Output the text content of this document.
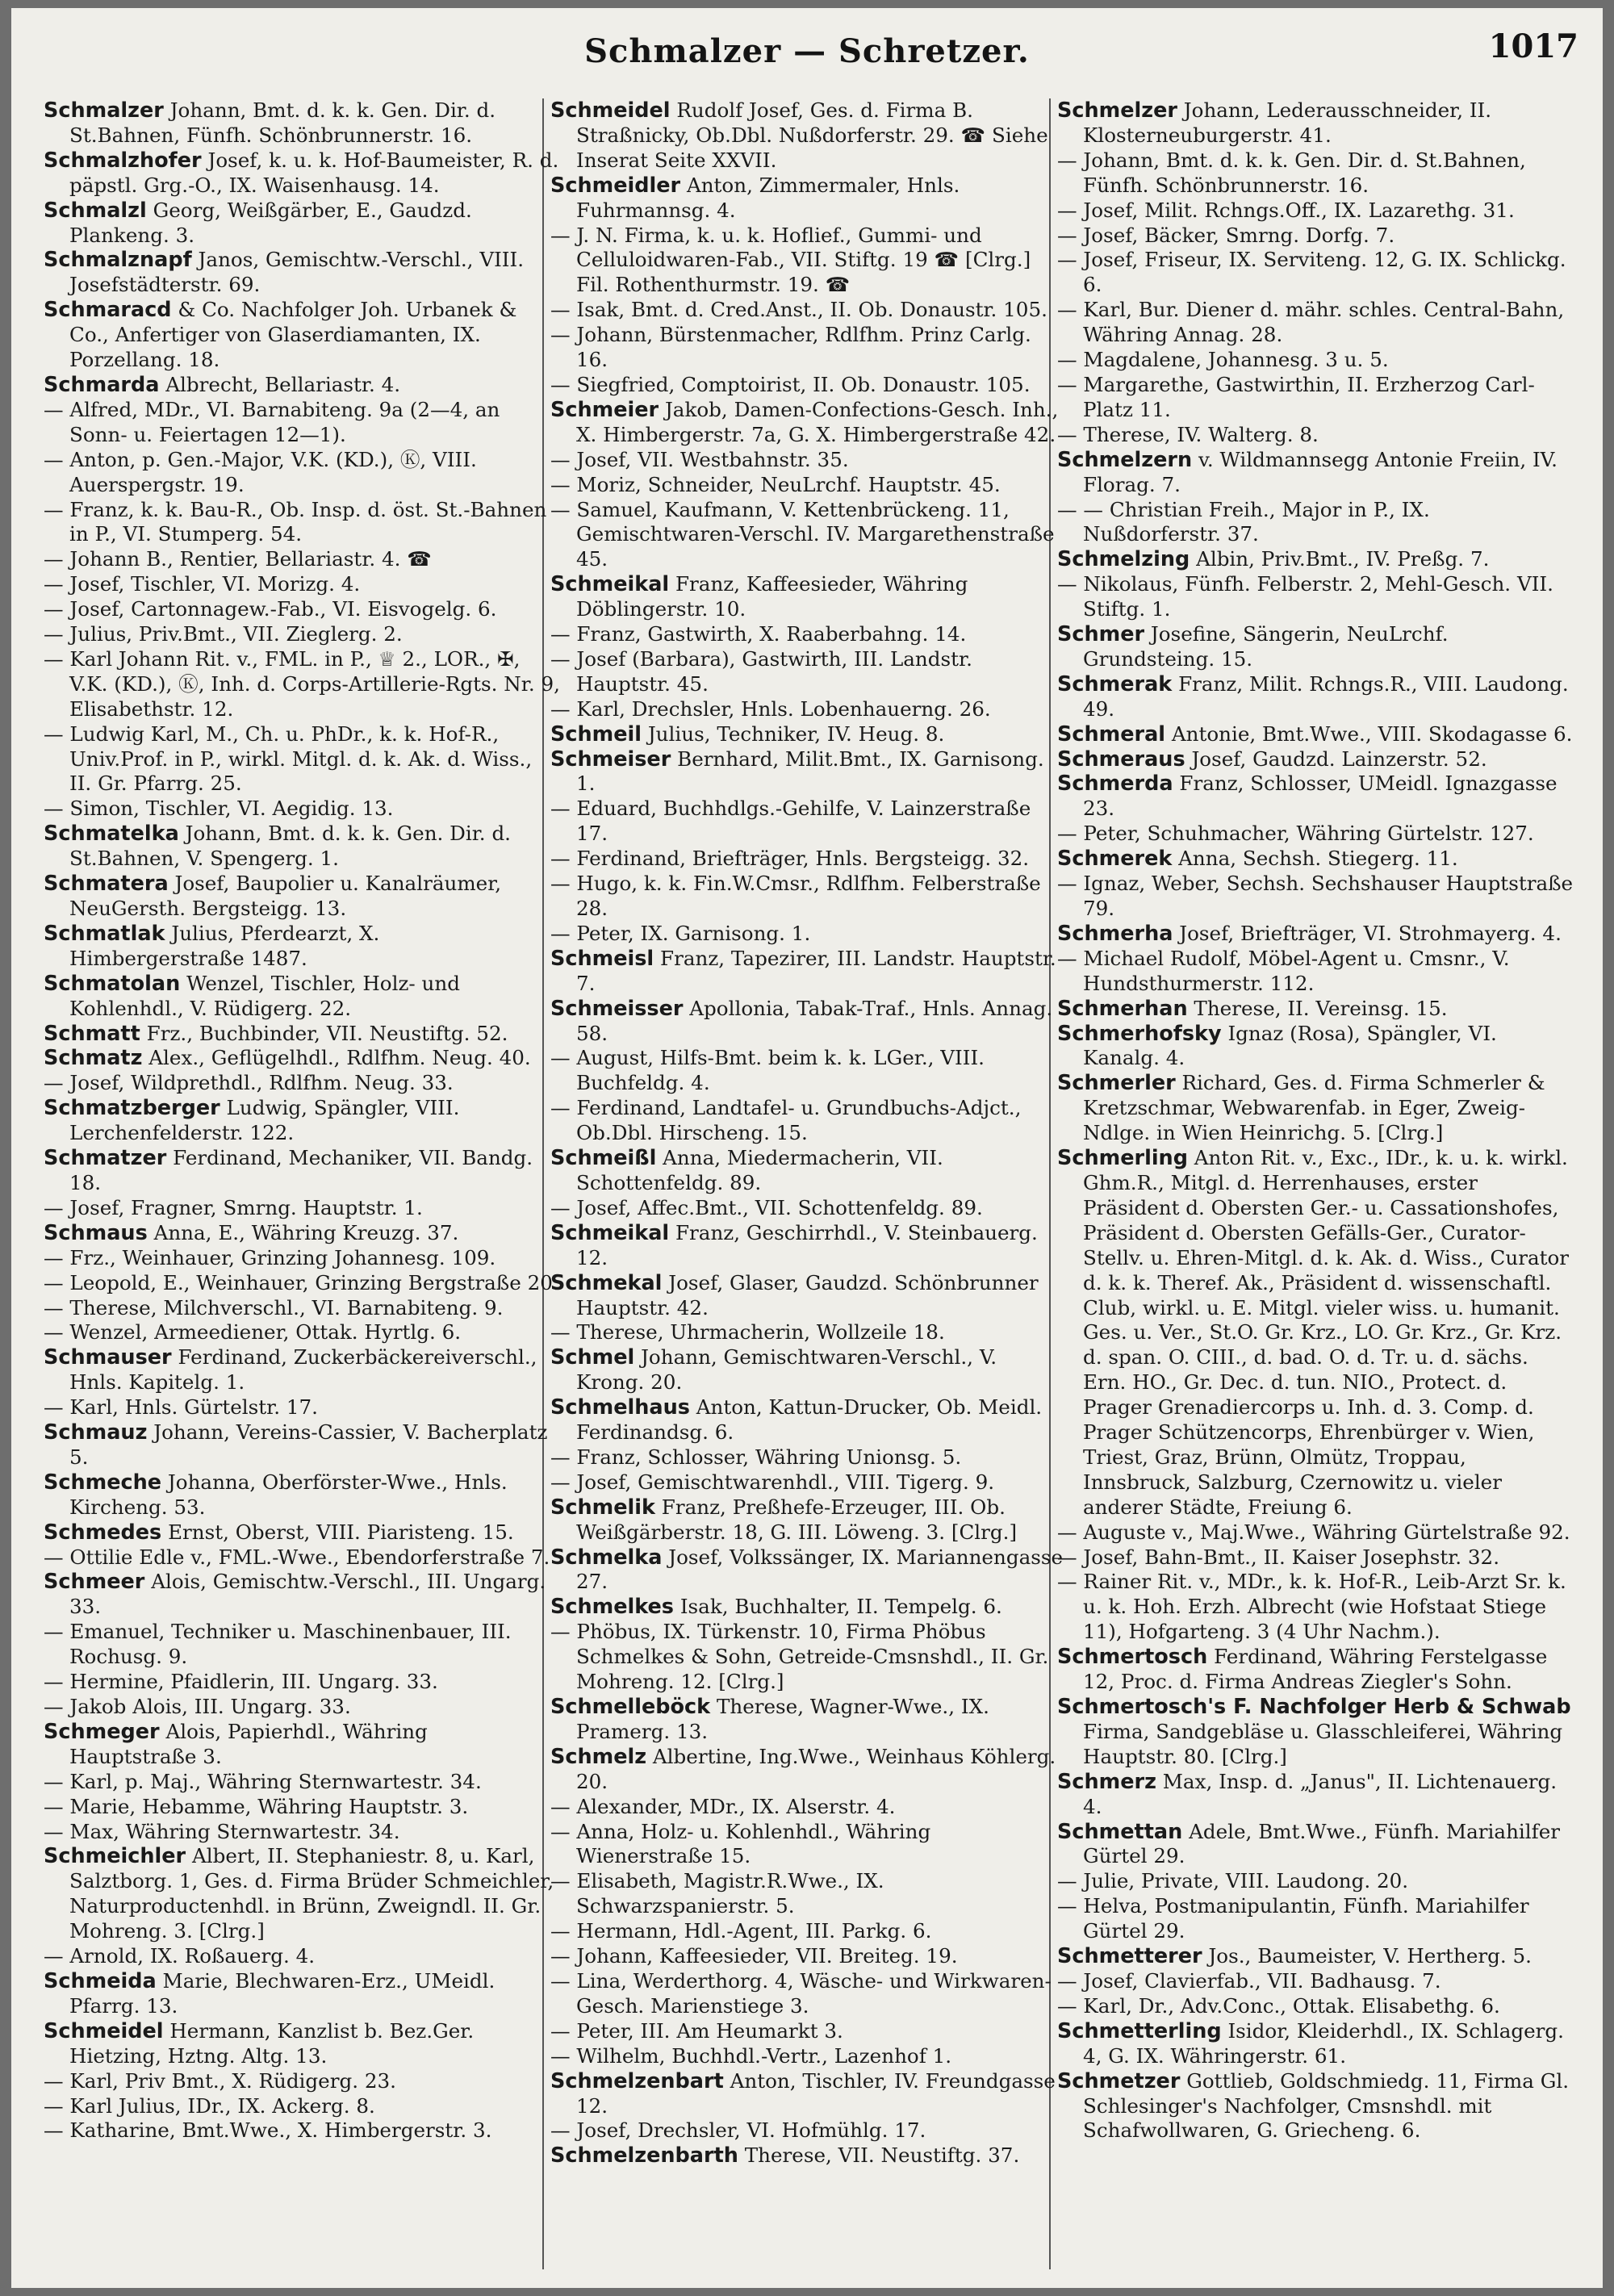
Schmalzer — Schretzer.	1017
Schmalzer Johann, Bmt. d. k. k. Gen. Dir. d. St.Bahnen, Fünfh. Schönbrunnerstr. 16.
Schmalzhofer Josef, k. u. k. Hof-Baumeister, R. d. päpstl. Grg.-O., IX. Waisenhausg. 14.
Schmalzl Georg, Weißgärber, E., Gaudzd. Plankeng. 3.
Schmalznapf Janos, Gemischtw.-Verschl., VIII. Josefstädterstr. 69.
Schmaracd & Co. Nachfolger Joh. Urbanek & Co., Anfertiger von Glaserdiamanten, IX. Porzellang. 18.
Schmarda Albrecht, Bellariastr. 4.
— Alfred, MDr., VI. Barnabiteng. 9a (2—4, an Sonn- u. Feiertagen 12—1).
— Anton, p. Gen.-Major, V.K. (KD.), Ⓚ, VIII. Auerspergstr. 19.
— Franz, k. k. Bau-R., Ob. Insp. d. öst. St.-Bahnen in P., VI. Stumperg. 54.
— Johann B., Rentier, Bellariastr. 4. ☎
— Josef, Tischler, VI. Morizg. 4.
— Josef, Cartonnagew.-Fab., VI. Eisvogelg. 6.
— Julius, Priv.Bmt., VII. Zieglerg. 2.
— Karl Johann Rit. v., FML. in P., ♕ 2., LOR., ✠, V.K. (KD.), Ⓚ, Inh. d. Corps-Artillerie-Rgts. Nr. 9, Elisabethstr. 12.
— Ludwig Karl, M., Ch. u. PhDr., k. k. Hof-R., Univ.Prof. in P., wirkl. Mitgl. d. k. Ak. d. Wiss., II. Gr. Pfarrg. 25.
— Simon, Tischler, VI. Aegidig. 13.
Schmatelka Johann, Bmt. d. k. k. Gen. Dir. d. St.Bahnen, V. Spengerg. 1.
Schmatera Josef, Baupolier u. Kanalräumer, NeuGersth. Bergsteigg. 13.
Schmatlak Julius, Pferdearzt, X. Himbergerstraße 1487.
Schmatolan Wenzel, Tischler, Holz- und Kohlenhdl., V. Rüdigerg. 22.
Schmatt Frz., Buchbinder, VII. Neustiftg. 52.
Schmatz Alex., Geflügelhdl., Rdlfhm. Neug. 40.
— Josef, Wildprethdl., Rdlfhm. Neug. 33.
Schmatzberger Ludwig, Spängler, VIII. Lerchenfelderstr. 122.
Schmatzer Ferdinand, Mechaniker, VII. Bandg. 18.
— Josef, Fragner, Smrng. Hauptstr. 1.
Schmaus Anna, E., Währing Kreuzg. 37.
— Frz., Weinhauer, Grinzing Johannesg. 109.
— Leopold, E., Weinhauer, Grinzing Bergstraße 20.
— Therese, Milchverschl., VI. Barnabiteng. 9.
— Wenzel, Armeediener, Ottak. Hyrtlg. 6.
Schmauser Ferdinand, Zuckerbäckereiverschl., Hnls. Kapitelg. 1.
— Karl, Hnls. Gürtelstr. 17.
Schmauz Johann, Vereins-Cassier, V. Bacherplatz 5.
Schmeche Johanna, Oberförster-Wwe., Hnls. Kircheng. 53.
Schmedes Ernst, Oberst, VIII. Piaristeng. 15.
— Ottilie Edle v., FML.-Wwe., Ebendorferstraße 7.
Schmeer Alois, Gemischtw.-Verschl., III. Ungarg. 33.
— Emanuel, Techniker u. Maschinenbauer, III. Rochusg. 9.
— Hermine, Pfaidlerin, III. Ungarg. 33.
— Jakob Alois, III. Ungarg. 33.
Schmeger Alois, Papierhdl., Währing Hauptstraße 3.
— Karl, p. Maj., Währing Sternwartestr. 34.
— Marie, Hebamme, Währing Hauptstr. 3.
— Max, Währing Sternwartestr. 34.
Schmeichler Albert, II. Stephaniestr. 8, u. Karl, Salztborg. 1, Ges. d. Firma Brüder Schmeichler, Naturproductenhdl. in Brünn, Zweigndl. II. Gr. Mohreng. 3. [Clrg.]
— Arnold, IX. Roßauerg. 4.
Schmeida Marie, Blechwaren-Erz., UMeidl. Pfarrg. 13.
Schmeidel Hermann, Kanzlist b. Bez.Ger. Hietzing, Hztng. Altg. 13.
— Karl, Priv Bmt., X. Rüdigerg. 23.
— Karl Julius, IDr., IX. Ackerg. 8.
— Katharine, Bmt.Wwe., X. Himbergerstr. 3.
Schmeidel Rudolf Josef, Ges. d. Firma B. Straßnicky, Ob.Dbl. Nußdorferstr. 29. ☎ Siehe Inserat Seite XXVII.
Schmeidler Anton, Zimmermaler, Hnls. Fuhrmannsg. 4.
— J. N. Firma, k. u. k. Hoflief., Gummi- und Celluloidwaren-Fab., VII. Stiftg. 19 ☎ [Clrg.] Fil. Rothenthurmstr. 19. ☎
— Isak, Bmt. d. Cred.Anst., II. Ob. Donaustr. 105.
— Johann, Bürstenmacher, Rdlfhm. Prinz Carlg. 16.
— Siegfried, Comptoirist, II. Ob. Donaustr. 105.
Schmeier Jakob, Damen-Confections-Gesch. Inh., X. Himbergerstr. 7a, G. X. Himbergerstraße 42.
— Josef, VII. Westbahnstr. 35.
— Moriz, Schneider, NeuLrchf. Hauptstr. 45.
— Samuel, Kaufmann, V. Kettenbrückeng. 11, Gemischtwaren-Verschl. IV. Margarethenstraße 45.
Schmeikal Franz, Kaffeesieder, Währing Döblingerstr. 10.
— Franz, Gastwirth, X. Raaberbahng. 14.
— Josef (Barbara), Gastwirth, III. Landstr. Hauptstr. 45.
— Karl, Drechsler, Hnls. Lobenhauerng. 26.
Schmeil Julius, Techniker, IV. Heug. 8.
Schmeiser Bernhard, Milit.Bmt., IX. Garnisong. 1.
— Eduard, Buchhdlgs.-Gehilfe, V. Lainzerstraße 17.
— Ferdinand, Briefträger, Hnls. Bergsteigg. 32.
— Hugo, k. k. Fin.W.Cmsr., Rdlfhm. Felberstraße 28.
— Peter, IX. Garnisong. 1.
Schmeisl Franz, Tapezirer, III. Landstr. Hauptstr. 7.
Schmeisser Apollonia, Tabak-Traf., Hnls. Annag. 58.
— August, Hilfs-Bmt. beim k. k. LGer., VIII. Buchfeldg. 4.
— Ferdinand, Landtafel- u. Grundbuchs-Adjct., Ob.Dbl. Hirscheng. 15.
Schmeißl Anna, Miedermacherin, VII. Schottenfeldg. 89.
— Josef, Affec.Bmt., VII. Schottenfeldg. 89.
Schmeikal Franz, Geschirrhdl., V. Steinbauerg. 12.
Schmekal Josef, Glaser, Gaudzd. Schönbrunner Hauptstr. 42.
— Therese, Uhrmacherin, Wollzeile 18.
Schmel Johann, Gemischtwaren-Verschl., V. Krong. 20.
Schmelhaus Anton, Kattun-Drucker, Ob. Meidl. Ferdinandsg. 6.
— Franz, Schlosser, Währing Unionsg. 5.
— Josef, Gemischtwarenhdl., VIII. Tigerg. 9.
Schmelik Franz, Preßhefe-Erzeuger, III. Ob. Weißgärberstr. 18, G. III. Löweng. 3. [Clrg.]
Schmelka Josef, Volkssänger, IX. Mariannengasse 27.
Schmelkes Isak, Buchhalter, II. Tempelg. 6.
— Phöbus, IX. Türkenstr. 10, Firma Phöbus Schmelkes & Sohn, Getreide-Cmsnshdl., II. Gr. Mohreng. 12. [Clrg.]
Schmelleböck Therese, Wagner-Wwe., IX. Pramerg. 13.
Schmelz Albertine, Ing.Wwe., Weinhaus Köhlerg. 20.
— Alexander, MDr., IX. Alserstr. 4.
— Anna, Holz- u. Kohlenhdl., Währing Wienerstraße 15.
— Elisabeth, Magistr.R.Wwe., IX. Schwarzspanierstr. 5.
— Hermann, Hdl.-Agent, III. Parkg. 6.
— Johann, Kaffeesieder, VII. Breiteg. 19.
— Lina, Werderthorg. 4, Wäsche- und Wirkwaren-Gesch. Marienstiege 3.
— Peter, III. Am Heumarkt 3.
— Wilhelm, Buchhdl.-Vertr., Lazenhof 1.
Schmelzenbart Anton, Tischler, IV. Freundgasse 12.
— Josef, Drechsler, VI. Hofmühlg. 17.
Schmelzenbarth Therese, VII. Neustiftg. 37.
Schmelzer Johann, Lederausschneider, II. Klosterneuburgerstr. 41.
— Johann, Bmt. d. k. k. Gen. Dir. d. St.Bahnen, Fünfh. Schönbrunnerstr. 16.
— Josef, Milit. Rchngs.Off., IX. Lazarethg. 31.
— Josef, Bäcker, Smrng. Dorfg. 7.
— Josef, Friseur, IX. Serviteng. 12, G. IX. Schlickg. 6.
— Karl, Bur. Diener d. mähr. schles. Central-Bahn, Währing Annag. 28.
— Magdalene, Johannesg. 3 u. 5.
— Margarethe, Gastwirthin, II. Erzherzog Carl-Platz 11.
— Therese, IV. Walterg. 8.
Schmelzern v. Wildmannsegg Antonie Freiin, IV. Florag. 7.
— — Christian Freih., Major in P., IX. Nußdorferstr. 37.
Schmelzing Albin, Priv.Bmt., IV. Preßg. 7.
— Nikolaus, Fünfh. Felberstr. 2, Mehl-Gesch. VII. Stiftg. 1.
Schmer Josefine, Sängerin, NeuLrchf. Grundsteing. 15.
Schmerak Franz, Milit. Rchngs.R., VIII. Laudong. 49.
Schmeral Antonie, Bmt.Wwe., VIII. Skodagasse 6.
Schmeraus Josef, Gaudzd. Lainzerstr. 52.
Schmerda Franz, Schlosser, UMeidl. Ignazgasse 23.
— Peter, Schuhmacher, Währing Gürtelstr. 127.
Schmerek Anna, Sechsh. Stiegerg. 11.
— Ignaz, Weber, Sechsh. Sechshauser Hauptstraße 79.
Schmerha Josef, Briefträger, VI. Strohmayerg. 4.
— Michael Rudolf, Möbel-Agent u. Cmsnr., V. Hundsthurmerstr. 112.
Schmerhan Therese, II. Vereinsg. 15.
Schmerhofsky Ignaz (Rosa), Spängler, VI. Kanalg. 4.
Schmerler Richard, Ges. d. Firma Schmerler & Kretzschmar, Webwarenfab. in Eger, Zweig-Ndlge. in Wien Heinrichg. 5. [Clrg.]
Schmerling Anton Rit. v., Exc., IDr., k. u. k. wirkl. Ghm.R., Mitgl. d. Herrenhauses, erster Präsident d. Obersten Ger.- u. Cassationshofes, Präsident d. Obersten Gefälls-Ger., Curator-Stellv. u. Ehren-Mitgl. d. k. Ak. d. Wiss., Curator d. k. k. Theref. Ak., Präsident d. wissenschaftl. Club, wirkl. u. E. Mitgl. vieler wiss. u. humanit. Ges. u. Ver., St.O. Gr. Krz., LO. Gr. Krz., Gr. Krz. d. span. O. CIII., d. bad. O. d. Tr. u. d. sächs. Ern. HO., Gr. Dec. d. tun. NIO., Protect. d. Prager Grenadiercorps u. Inh. d. 3. Comp. d. Prager Schützencorps, Ehrenbürger v. Wien, Triest, Graz, Brünn, Olmütz, Troppau, Innsbruck, Salzburg, Czernowitz u. vieler anderer Städte, Freiung 6.
— Auguste v., Maj.Wwe., Währing Gürtelstraße 92.
— Josef, Bahn-Bmt., II. Kaiser Josephstr. 32.
— Rainer Rit. v., MDr., k. k. Hof-R., Leib-Arzt Sr. k. u. k. Hoh. Erzh. Albrecht (wie Hofstaat Stiege 11), Hofgarteng. 3 (4 Uhr Nachm.).
Schmertosch Ferdinand, Währing Ferstelgasse 12, Proc. d. Firma Andreas Ziegler's Sohn.
Schmertosch's F. Nachfolger Herb & Schwab Firma, Sandgebläse u. Glasschleiferei, Währing Hauptstr. 80. [Clrg.]
Schmerz Max, Insp. d. „Janus", II. Lichtenauerg. 4.
Schmettan Adele, Bmt.Wwe., Fünfh. Mariahilfer Gürtel 29.
— Julie, Private, VIII. Laudong. 20.
— Helva, Postmanipulantin, Fünfh. Mariahilfer Gürtel 29.
Schmetterer Jos., Baumeister, V. Hertherg. 5.
— Josef, Clavierfab., VII. Badhausg. 7.
— Karl, Dr., Adv.Conc., Ottak. Elisabethg. 6.
Schmetterling Isidor, Kleiderhdl., IX. Schlagerg. 4, G. IX. Währingerstr. 61.
Schmetzer Gottlieb, Goldschmiedg. 11, Firma Gl. Schlesinger's Nachfolger, Cmsnshdl. mit Schafwollwaren, G. Griecheng. 6.
